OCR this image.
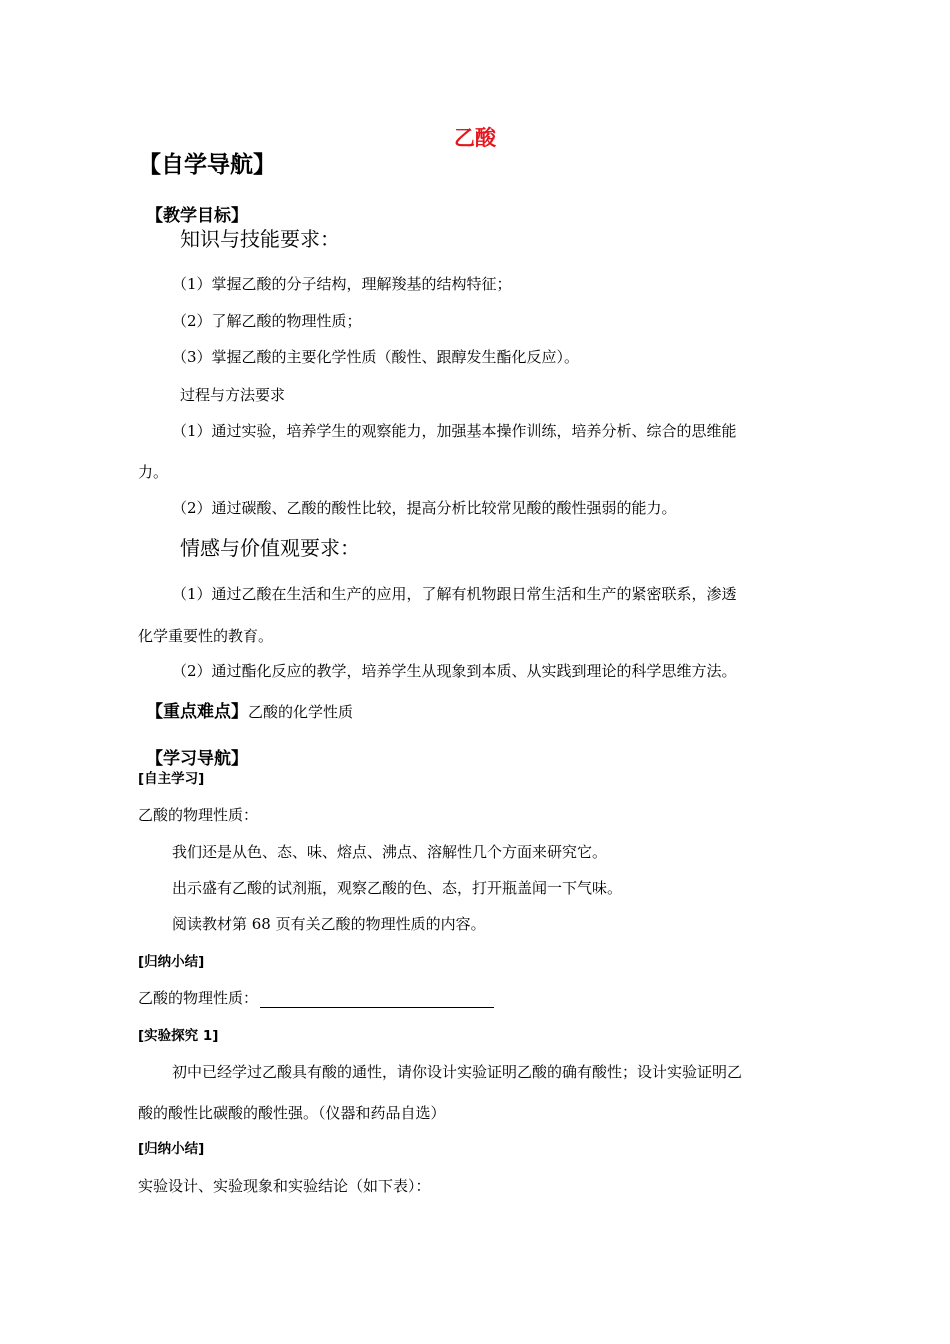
乙酸
【自学导航】
【教学目标】
知识与技能要求：
（1）掌握乙酸的分子结构，理解羧基的结构特征；
（2）了解乙酸的物理性质；
（3）掌握乙酸的主要化学性质（酸性、跟醇发生酯化反应）。
过程与方法要求
（1）通过实验，培养学生的观察能力，加强基本操作训练，培养分析、综合的思维能
力。
（2）通过碳酸、乙酸的酸性比较，提高分析比较常见酸的酸性强弱的能力。
情感与价值观要求：
（1）通过乙酸在生活和生产的应用，了解有机物跟日常生活和生产的紧密联系，渗透
化学重要性的教育。
（2）通过酯化反应的教学，培养学生从现象到本质、从实践到理论的科学思维方法。
【重点难点】乙酸的化学性质
【学习导航】
[自主学习]
乙酸的物理性质：
我们还是从色、态、味、熔点、沸点、溶解性几个方面来研究它。
出示盛有乙酸的试剂瓶，观察乙酸的色、态，打开瓶盖闻一下气味。
阅读教材第 68 页有关乙酸的物理性质的内容。
[归纳小结]
乙酸的物理性质：
[实验探究 1]
初中已经学过乙酸具有酸的通性，请你设计实验证明乙酸的确有酸性；设计实验证明乙
酸的酸性比碳酸的酸性强。（仪器和药品自选）
[归纳小结]
实验设计、实验现象和实验结论（如下表）：
